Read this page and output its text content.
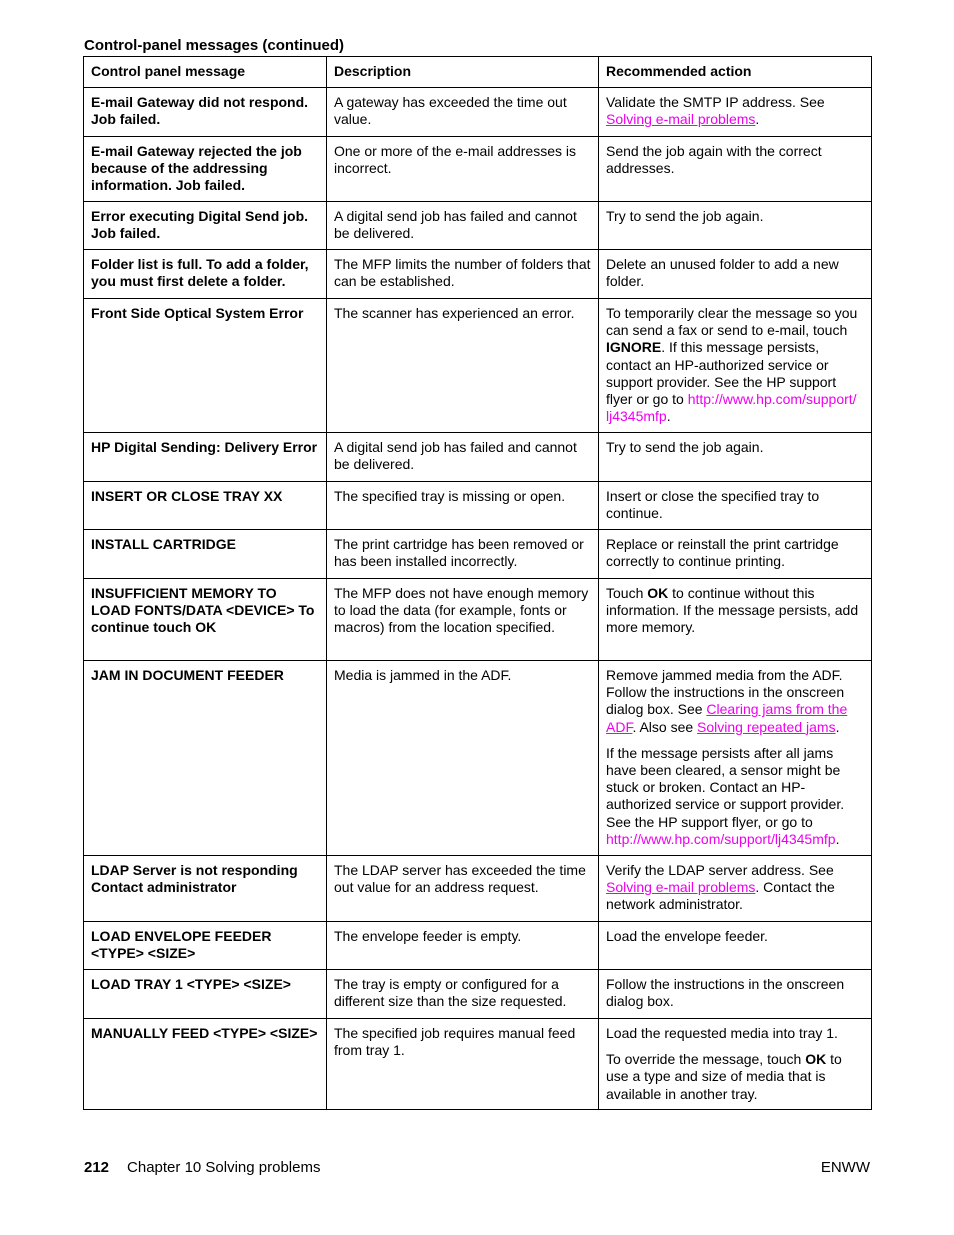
Control-panel messages (continued)
Control panel message	Description	Recommended action
E-mail Gateway did not respond. Job failed.	A gateway has exceeded the time out value.	Validate the SMTP IP address. See Solving e-mail problems.

E-mail Gateway rejected the job because of the addressing information. Job failed.	One or more of the e-mail addresses is incorrect.	Send the job again with the correct addresses.

Error executing Digital Send job. Job failed.	A digital send job has failed and cannot be delivered.	Try to send the job again.

Folder list is full. To add a folder, you must first delete a folder.	The MFP limits the number of folders that can be established.	Delete an unused folder to add a new folder.

Front Side Optical System Error	The scanner has experienced an error.	To temporarily clear the message so you can send a fax or send to e-mail, touch IGNORE. If this message persists, contact an HP-authorized service or support provider. See the HP support flyer or go to http://www.hp.com/support/ lj4345mfp.

HP Digital Sending: Delivery Error	A digital send job has failed and cannot be delivered.	Try to send the job again.

INSERT OR CLOSE TRAY XX	The specified tray is missing or open.	Insert or close the specified tray to continue.

INSTALL CARTRIDGE	The print cartridge has been removed or has been installed incorrectly.	Replace or reinstall the print cartridge correctly to continue printing.

INSUFFICIENT MEMORY TO LOAD FONTS/DATA <DEVICE> To continue touch OK	The MFP does not have enough memory to load the data (for example, fonts or macros) from the location specified.	Touch OK to continue without this information. If the message persists, add more memory.

JAM IN DOCUMENT FEEDER	Media is jammed in the ADF.	Remove jammed media from the ADF. Follow the instructions in the onscreen dialog box. See Clearing jams from the ADF. Also see Solving repeated jams.

If the message persists after all jams have been cleared, a sensor might be stuck or broken. Contact an HP-authorized service or support provider. See the HP support flyer, or go to http://www.hp.com/support/lj4345mfp.

LDAP Server is not responding Contact administrator	The LDAP server has exceeded the time out value for an address request.	Verify the LDAP server address. See Solving e-mail problems. Contact the network administrator.

LOAD ENVELOPE FEEDER <TYPE> <SIZE>	The envelope feeder is empty.	Load the envelope feeder.

LOAD TRAY 1 <TYPE> <SIZE>	The tray is empty or configured for a different size than the size requested.	Follow the instructions in the onscreen dialog box.

MANUALLY FEED <TYPE> <SIZE>	The specified job requires manual feed from tray 1.	Load the requested media into tray 1.

To override the message, touch OK to use a type and size of media that is available in another tray.

212 Chapter 10 Solving problems	ENWW
